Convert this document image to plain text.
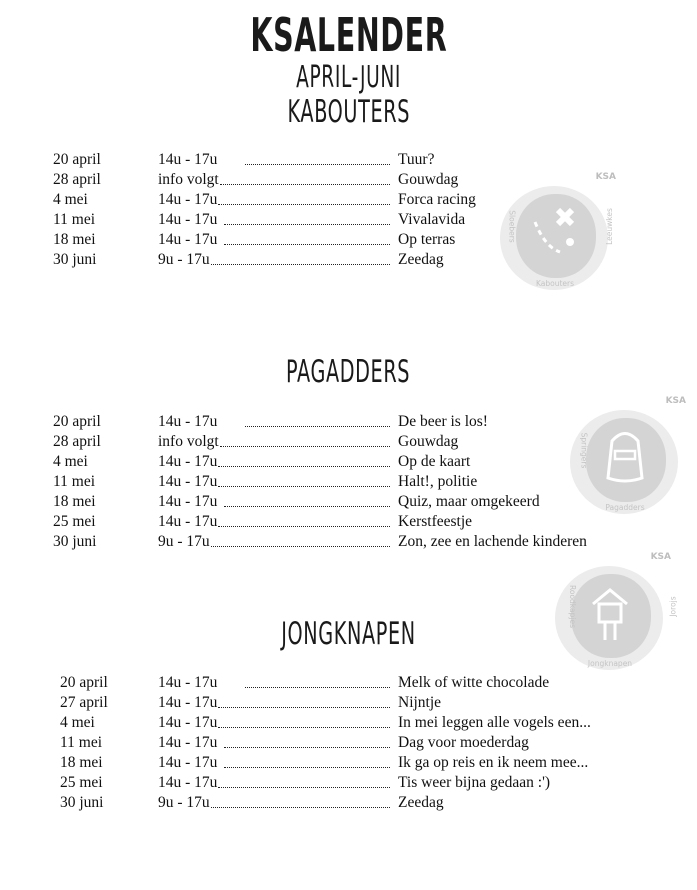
KSALENDER
APRIL-JUNI
KABOUTERS
PAGADDERS
JONGKNAPEN
KSA
Kabouters
Sloebers	Leeuwkes
KSA
Pagadders
Springers
KSA
Jongknapen
Roodkapjes	Jorojs
20 april	14u - 17u	Tuur?
28 april	info volgt	Gouwdag
4 mei	14u - 17u	Forca racing
11 mei	14u - 17u	Vivalavida
18 mei	14u - 17u	Op terras
30 juni	9u - 17u	Zeedag
20 april	14u - 17u	De beer is los!
28 april	info volgt	Gouwdag
4 mei	14u - 17u	Op de kaart
11 mei	14u - 17u	Halt!, politie
18 mei	14u - 17u	Quiz, maar omgekeerd
25 mei	14u - 17u	Kerstfeestje
30 juni	9u - 17u	Zon, zee en lachende kinderen
20 april	14u - 17u	Melk of witte chocolade
27 april	14u - 17u	Nijntje
4 mei	14u - 17u	In mei leggen alle vogels een...
11 mei	14u - 17u	Dag voor moederdag
18 mei	14u - 17u	Ik ga op reis en ik neem mee...
25 mei	14u - 17u	Tis weer bijna gedaan :')
30 juni	9u - 17u	Zeedag
